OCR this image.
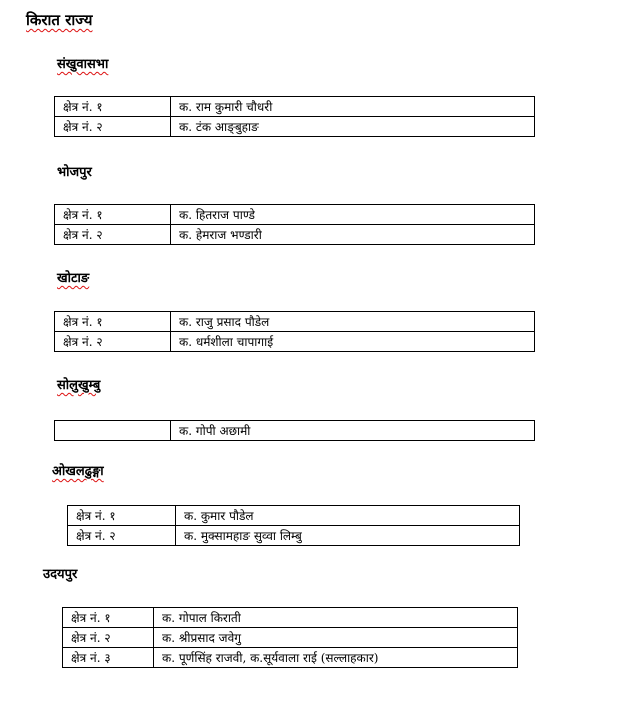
किरात राज्य
संखुवासभा
क्षेत्र नं. १	क. राम कुमारी चौधरी
क्षेत्र नं. २	क. टंक आङ्बुहाङ
भोजपुर
क्षेत्र नं. १	क. हितराज पाण्डे
क्षेत्र नं. २	क. हेमराज भण्डारी
खोटाङ
क्षेत्र नं. १	क. राजु प्रसाद पौडेल
क्षेत्र नं. २	क. धर्मशीला चापागाई
सोलुखुम्बु
	क. गोपी अछामी
ओखलढुङ्गा
क्षेत्र नं. १	क. कुमार पौडेल
क्षेत्र नं. २	क. मुक्सामहाङ सुव्वा लिम्बु
उदयपुर
क्षेत्र नं. १	क. गोपाल किराती
क्षेत्र नं. २	क. श्रीप्रसाद जवेगु
क्षेत्र नं. ३	क. पूर्णसिंह राजवी, क.सूर्यवाला राई (सल्लाहकार)
